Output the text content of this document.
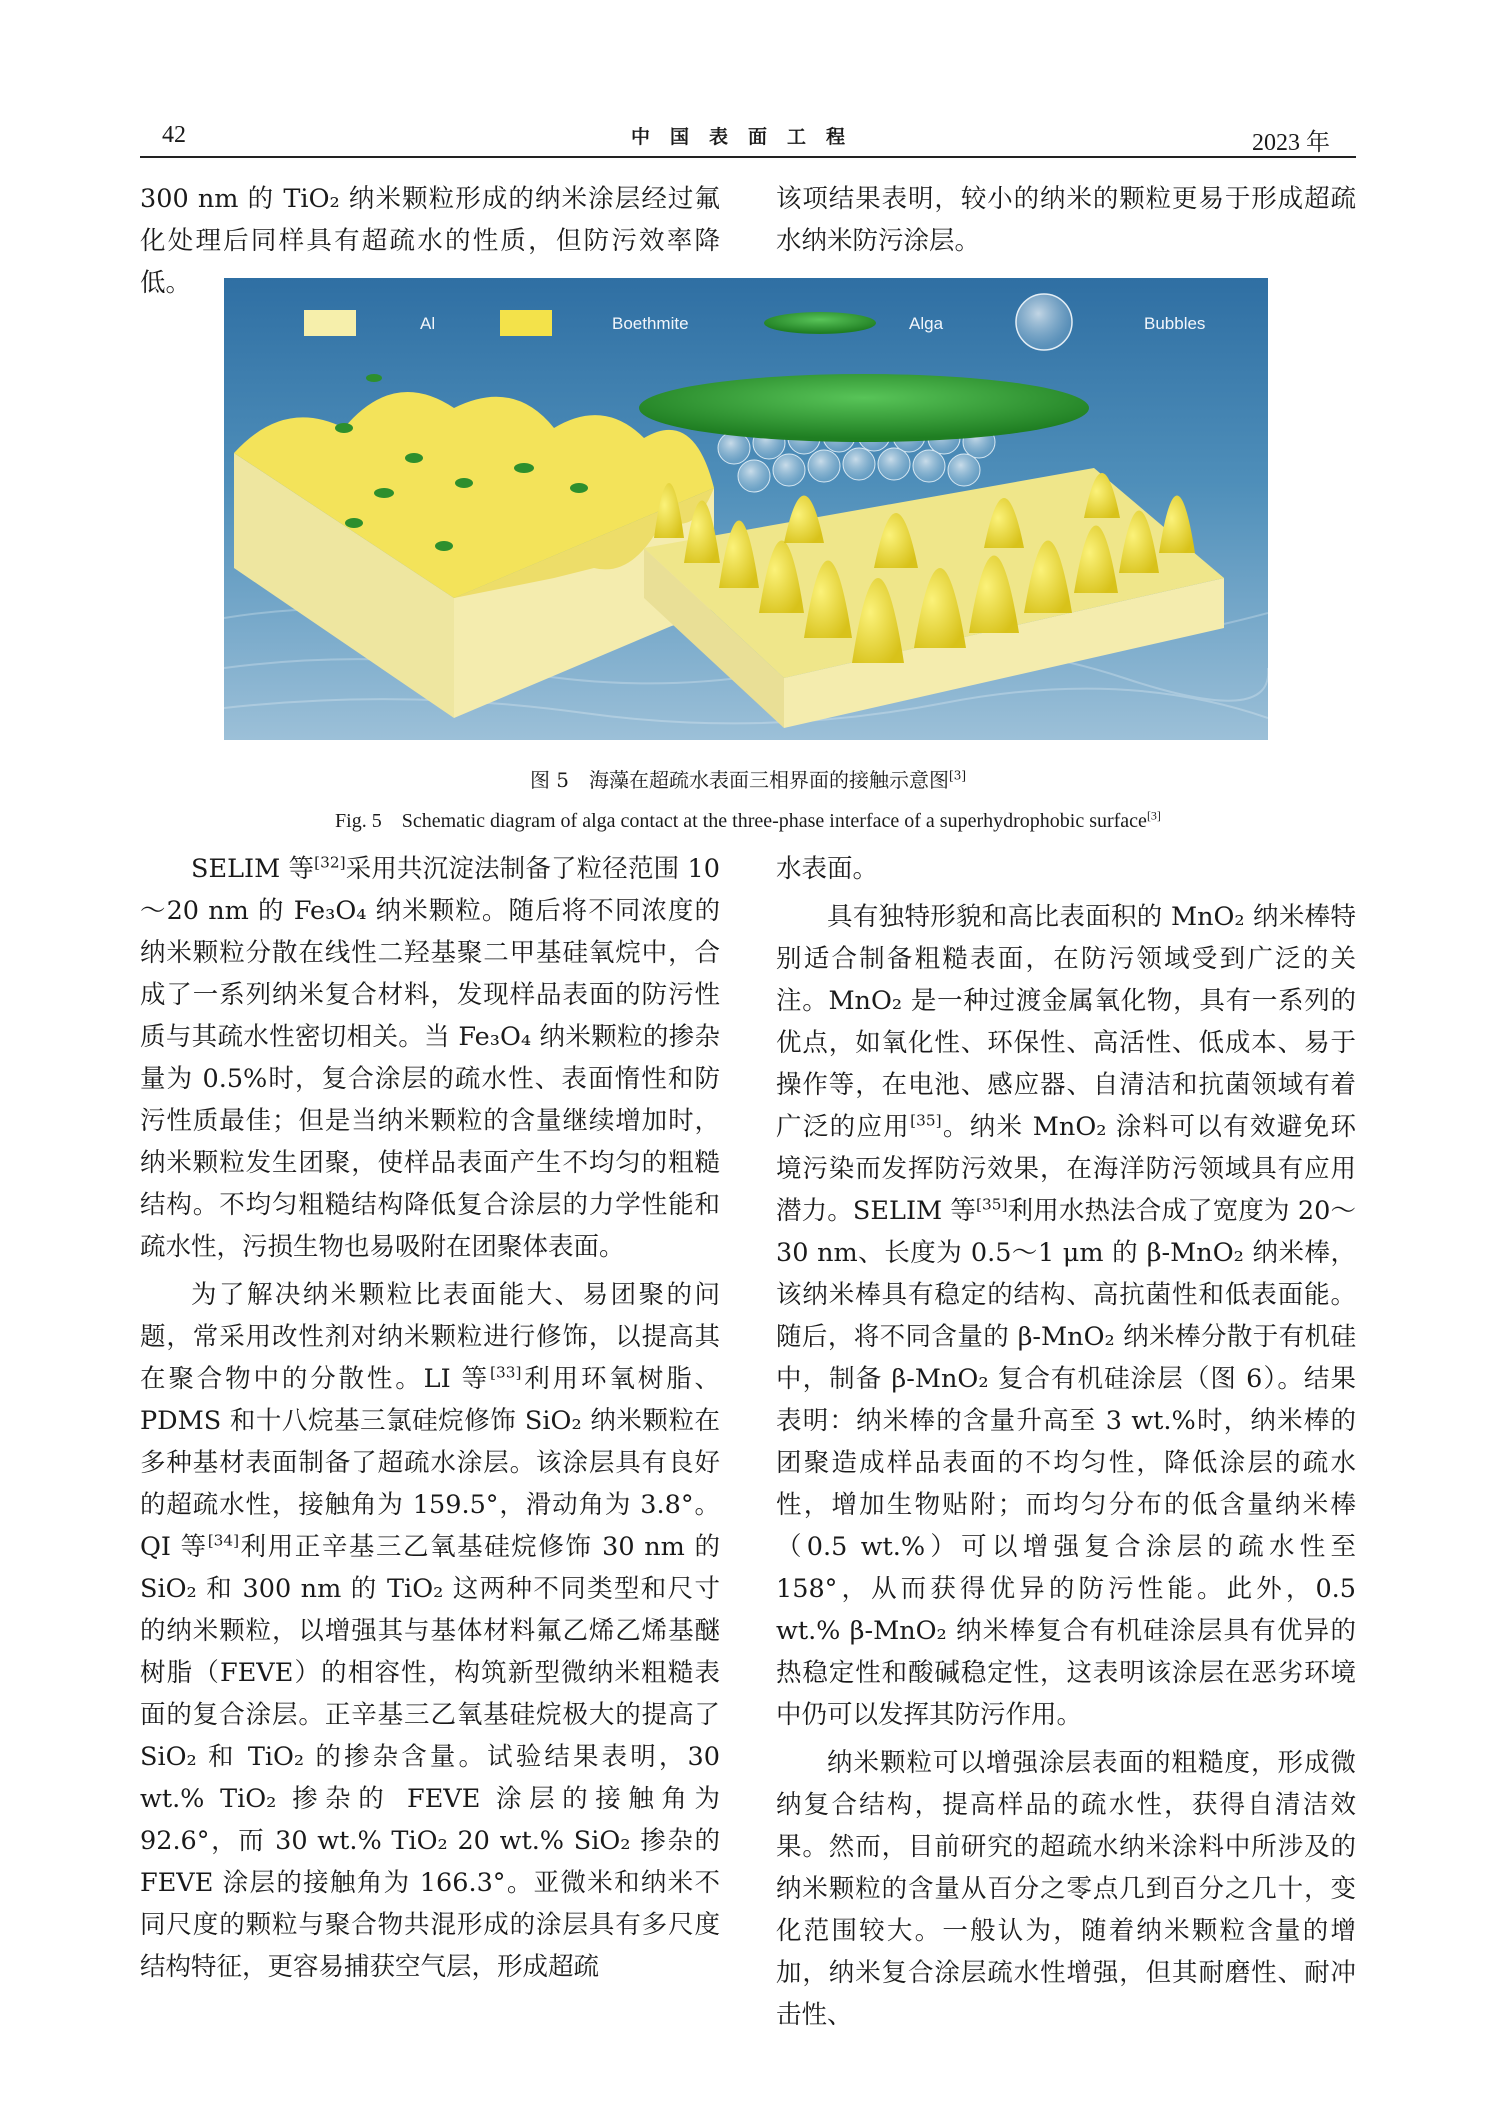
42	中国表面工程	2023 年

300 nm 的 TiO₂ 纳米颗粒形成的纳米涂层经过氟化处理后同样具有超疏水的性质，但防污效率降低。

该项结果表明，较小的纳米的颗粒更易于形成超疏水纳米防污涂层。

Al	Boethmite	Alga	Bubbles
图 5　海藻在超疏水表面三相界面的接触示意图[3]
Fig. 5　Schematic diagram of alga contact at the three-phase interface of a superhydrophobic surface[3]

SELIM 等[32]采用共沉淀法制备了粒径范围 10～20 nm 的 Fe₃O₄ 纳米颗粒。随后将不同浓度的纳米颗粒分散在线性二羟基聚二甲基硅氧烷中，合成了一系列纳米复合材料，发现样品表面的防污性质与其疏水性密切相关。当 Fe₃O₄ 纳米颗粒的掺杂量为 0.5%时，复合涂层的疏水性、表面惰性和防污性质最佳；但是当纳米颗粒的含量继续增加时，纳米颗粒发生团聚，使样品表面产生不均匀的粗糙结构。不均匀粗糙结构降低复合涂层的力学性能和疏水性，污损生物也易吸附在团聚体表面。

为了解决纳米颗粒比表面能大、易团聚的问题，常采用改性剂对纳米颗粒进行修饰，以提高其在聚合物中的分散性。LI 等[33]利用环氧树脂、PDMS 和十八烷基三氯硅烷修饰 SiO₂ 纳米颗粒在多种基材表面制备了超疏水涂层。该涂层具有良好的超疏水性，接触角为 159.5°，滑动角为 3.8°。QI 等[34]利用正辛基三乙氧基硅烷修饰 30 nm 的 SiO₂ 和 300 nm 的 TiO₂ 这两种不同类型和尺寸的纳米颗粒，以增强其与基体材料氟乙烯乙烯基醚树脂（FEVE）的相容性，构筑新型微纳米粗糙表面的复合涂层。正辛基三乙氧基硅烷极大的提高了 SiO₂ 和 TiO₂ 的掺杂含量。试验结果表明，30 wt.% TiO₂ 掺杂的 FEVE 涂层的接触角为 92.6°，而 30 wt.% TiO₂ 20 wt.% SiO₂ 掺杂的 FEVE 涂层的接触角为 166.3°。亚微米和纳米不同尺度的颗粒与聚合物共混形成的涂层具有多尺度结构特征，更容易捕获空气层，形成超疏

水表面。

具有独特形貌和高比表面积的 MnO₂ 纳米棒特别适合制备粗糙表面，在防污领域受到广泛的关注。MnO₂ 是一种过渡金属氧化物，具有一系列的优点，如氧化性、环保性、高活性、低成本、易于操作等，在电池、感应器、自清洁和抗菌领域有着广泛的应用[35]。纳米 MnO₂ 涂料可以有效避免环境污染而发挥防污效果，在海洋防污领域具有应用潜力。SELIM 等[35]利用水热法合成了宽度为 20～30 nm、长度为 0.5～1 μm 的 β-MnO₂ 纳米棒，该纳米棒具有稳定的结构、高抗菌性和低表面能。随后，将不同含量的 β-MnO₂ 纳米棒分散于有机硅中，制备 β-MnO₂ 复合有机硅涂层（图 6）。结果表明：纳米棒的含量升高至 3 wt.%时，纳米棒的团聚造成样品表面的不均匀性，降低涂层的疏水性，增加生物贴附；而均匀分布的低含量纳米棒（0.5 wt.%）可以增强复合涂层的疏水性至 158°，从而获得优异的防污性能。此外，0.5 wt.% β-MnO₂ 纳米棒复合有机硅涂层具有优异的热稳定性和酸碱稳定性，这表明该涂层在恶劣环境中仍可以发挥其防污作用。

纳米颗粒可以增强涂层表面的粗糙度，形成微纳复合结构，提高样品的疏水性，获得自清洁效果。然而，目前研究的超疏水纳米涂料中所涉及的纳米颗粒的含量从百分之零点几到百分之几十，变化范围较大。一般认为，随着纳米颗粒含量的增加，纳米复合涂层疏水性增强，但其耐磨性、耐冲击性、
